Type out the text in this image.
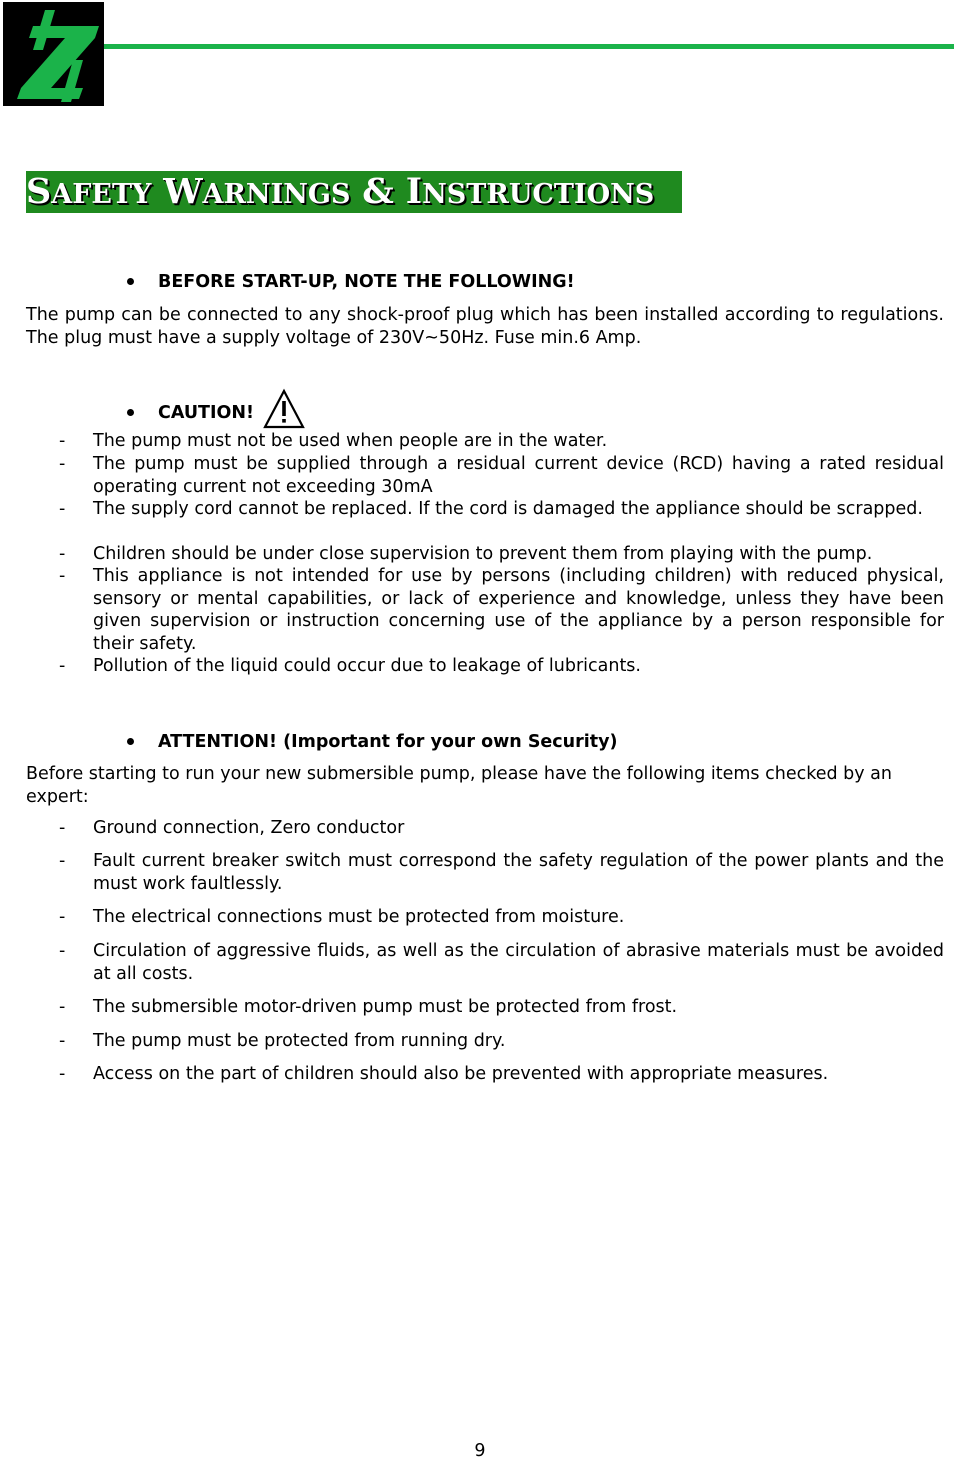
SAFETY WARNINGS & INSTRUCTIONS
BEFORE START-UP, NOTE THE FOLLOWING!
The pump can be connected to any shock-proof plug which has been installed according to regulations. The plug must have a supply voltage of 230V~50Hz. Fuse min.6 Amp.
CAUTION!
- The pump must not be used when people are in the water.
- The pump must be supplied through a residual current device (RCD) having a rated residual operating current not exceeding 30mA
- The supply cord cannot be replaced. If the cord is damaged the appliance should be scrapped.
- Children should be under close supervision to prevent them from playing with the pump.
- This appliance is not intended for use by persons (including children) with reduced physical, sensory or mental capabilities, or lack of experience and knowledge, unless they have been given supervision or instruction concerning use of the appliance by a person responsible for their safety.
- Pollution of the liquid could occur due to leakage of lubricants.
ATTENTION! (Important for your own Security)
Before starting to run your new submersible pump, please have the following items checked by an expert:
- Ground connection, Zero conductor
- Fault current breaker switch must correspond the safety regulation of the power plants and the must work faultlessly.
- The electrical connections must be protected from moisture.
- Circulation of aggressive fluids, as well as the circulation of abrasive materials must be avoided at all costs.
- The submersible motor-driven pump must be protected from frost.
- The pump must be protected from running dry.
- Access on the part of children should also be prevented with appropriate measures.
9
